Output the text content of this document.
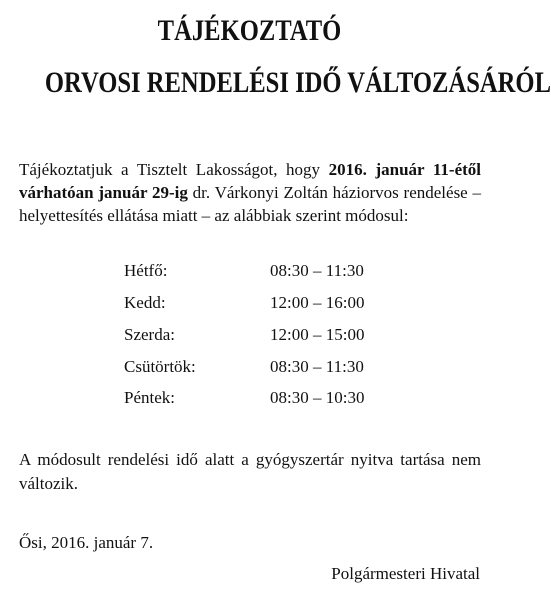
TÁJÉKOZTATÓ
ORVOSI RENDELÉSI IDŐ VÁLTOZÁSÁRÓL
Tájékoztatjuk a Tisztelt Lakosságot, hogy 2016. január 11-étől várhatóan január 29-ig dr. Várkonyi Zoltán háziorvos rendelése – helyettesítés ellátása miatt – az alábbiak szerint módosul:
Hétfő:	08:30 – 11:30
Kedd:	12:00 – 16:00
Szerda:	12:00 – 15:00
Csütörtök:	08:30 – 11:30
Péntek:	08:30 – 10:30
A módosult rendelési idő alatt a gyógyszertár nyitva tartása nem változik.
Ősi, 2016. január 7.
Polgármesteri Hivatal
